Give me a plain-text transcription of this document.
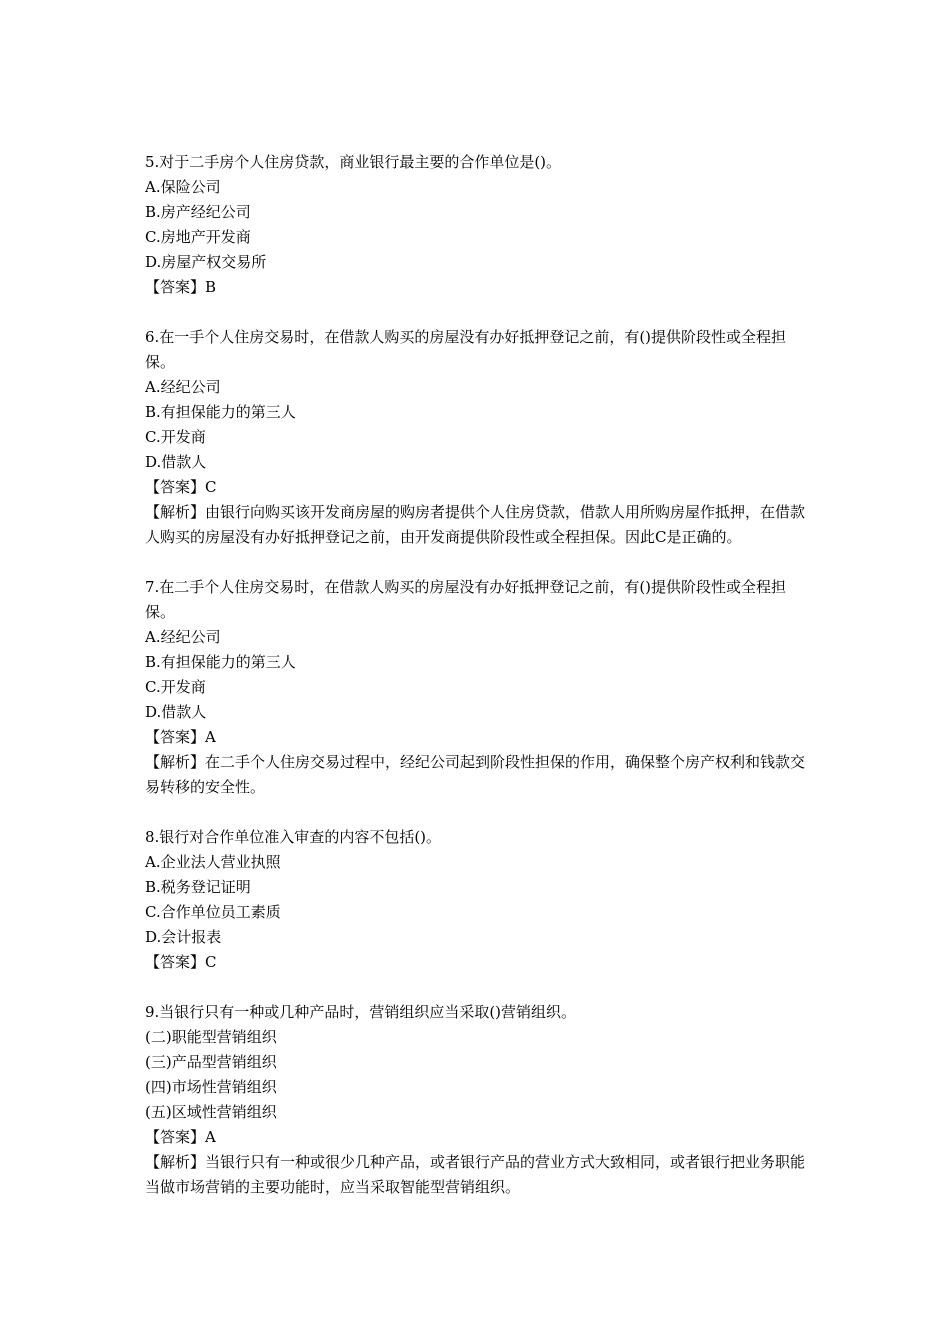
5.对于二手房个人住房贷款，商业银行最主要的合作单位是()。
A.保险公司
B.房产经纪公司
C.房地产开发商
D.房屋产权交易所
【答案】B
6.在一手个人住房交易时，在借款人购买的房屋没有办好抵押登记之前，有()提供阶段性或全程担保。
A.经纪公司
B.有担保能力的第三人
C.开发商
D.借款人
【答案】C
【解析】由银行向购买该开发商房屋的购房者提供个人住房贷款，借款人用所购房屋作抵押，在借款人购买的房屋没有办好抵押登记之前，由开发商提供阶段性或全程担保。因此C是正确的。
7.在二手个人住房交易时，在借款人购买的房屋没有办好抵押登记之前，有()提供阶段性或全程担保。
A.经纪公司
B.有担保能力的第三人
C.开发商
D.借款人
【答案】A
【解析】在二手个人住房交易过程中，经纪公司起到阶段性担保的作用，确保整个房产权利和钱款交易转移的安全性。
8.银行对合作单位准入审查的内容不包括()。
A.企业法人营业执照
B.税务登记证明
C.合作单位员工素质
D.会计报表
【答案】C
9.当银行只有一种或几种产品时，营销组织应当采取()营销组织。
(二)职能型营销组织
(三)产品型营销组织
(四)市场性营销组织
(五)区域性营销组织
【答案】A
【解析】当银行只有一种或很少几种产品，或者银行产品的营业方式大致相同，或者银行把业务职能当做市场营销的主要功能时，应当采取智能型营销组织。
